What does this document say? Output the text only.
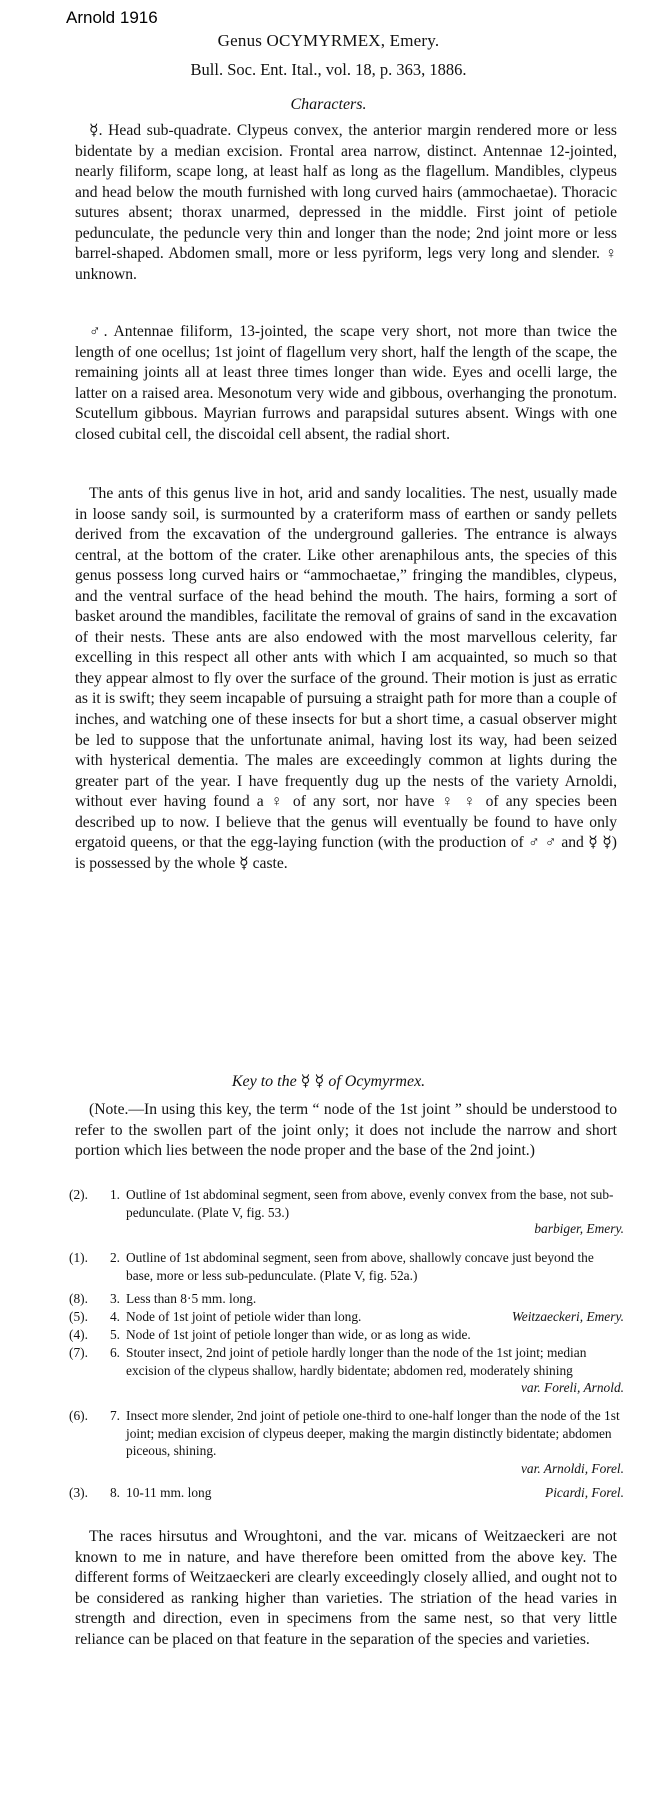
Arnold 1916
Genus OCYMYRMEX, Emery.
Bull. Soc. Ent. Ital., vol. 18, p. 363, 1886.
Characters.

☿. Head sub-quadrate. Clypeus convex, the anterior margin rendered more or less bidentate by a median excision. Frontal area narrow, distinct. Antennae 12-jointed, nearly filiform, scape long, at least half as long as the flagellum. Mandibles, clypeus and head below the mouth furnished with long curved hairs (ammochaetae). Thoracic sutures absent; thorax unarmed, depressed in the middle. First joint of petiole pedunculate, the peduncle very thin and longer than the node; 2nd joint more or less barrel-shaped. Abdomen small, more or less pyriform, legs very long and slender. ♀ unknown.

♂. Antennae filiform, 13-jointed, the scape very short, not more than twice the length of one ocellus; 1st joint of flagellum very short, half the length of the scape, the remaining joints all at least three times longer than wide. Eyes and ocelli large, the latter on a raised area. Mesonotum very wide and gibbous, overhanging the pronotum. Scutellum gibbous. Mayrian furrows and parapsidal sutures absent. Wings with one closed cubital cell, the discoidal cell absent, the radial short.

The ants of this genus live in hot, arid and sandy localities. The nest, usually made in loose sandy soil, is surmounted by a crateriform mass of earthen or sandy pellets derived from the excavation of the underground galleries. The entrance is always central, at the bottom of the crater. Like other arenaphilous ants, the species of this genus possess long curved hairs or “ammochaetae,” fringing the mandibles, clypeus, and the ventral surface of the head behind the mouth. The hairs, forming a sort of basket around the mandibles, facilitate the removal of grains of sand in the excavation of their nests. These ants are also endowed with the most marvellous celerity, far excelling in this respect all other ants with which I am acquainted, so much so that they appear almost to fly over the surface of the ground. Their motion is just as erratic as it is swift; they seem incapable of pursuing a straight path for more than a couple of inches, and watching one of these insects for but a short time, a casual observer might be led to suppose that the unfortunate animal, having lost its way, had been seized with hysterical dementia. The males are exceedingly common at lights during the greater part of the year. I have frequently dug up the nests of the variety Arnoldi, without ever having found a ♀ of any sort, nor have ♀ ♀ of any species been described up to now. I believe that the genus will eventually be found to have only ergatoid queens, or that the egg-laying function (with the production of ♂ ♂ and ☿ ☿) is possessed by the whole ☿ caste.

Key to the ☿ ☿ of Ocymyrmex.

(Note.—In using this key, the term “ node of the 1st joint ” should be understood to refer to the swollen part of the joint only; it does not include the narrow and short portion which lies between the node proper and the base of the 2nd joint.)

(2).	1. Outline of 1st abdominal segment, seen from above, evenly convex from the base, not sub-pedunculate. (Plate V, fig. 53.)
barbiger, Emery.
(1).	2. Outline of 1st abdominal segment, seen from above, shallowly concave just beyond the base, more or less sub-pedunculate. (Plate V, fig. 52a.)
(8).	3. Less than 8·5 mm. long.
(5).	4. Node of 1st joint of petiole wider than long.	Weitzaeckeri, Emery.
(4).	5. Node of 1st joint of petiole longer than wide, or as long as wide.
(7).	6. Stouter insect, 2nd joint of petiole hardly longer than the node of the 1st joint; median excision of the clypeus shallow, hardly bidentate; abdomen red, moderately shining
var. Foreli, Arnold.
(6).	7. Insect more slender, 2nd joint of petiole one-third to one-half longer than the node of the 1st joint; median excision of clypeus deeper, making the margin distinctly bidentate; abdomen piceous, shining.
var. Arnoldi, Forel.
(3).	8. 10-11 mm. long	Picardi, Forel.

The races hirsutus and Wroughtoni, and the var. micans of Weitzaeckeri are not known to me in nature, and have therefore been omitted from the above key. The different forms of Weitzaeckeri are clearly exceedingly closely allied, and ought not to be considered as ranking higher than varieties. The striation of the head varies in strength and direction, even in specimens from the same nest, so that very little reliance can be placed on that feature in the separation of the species and varieties.
